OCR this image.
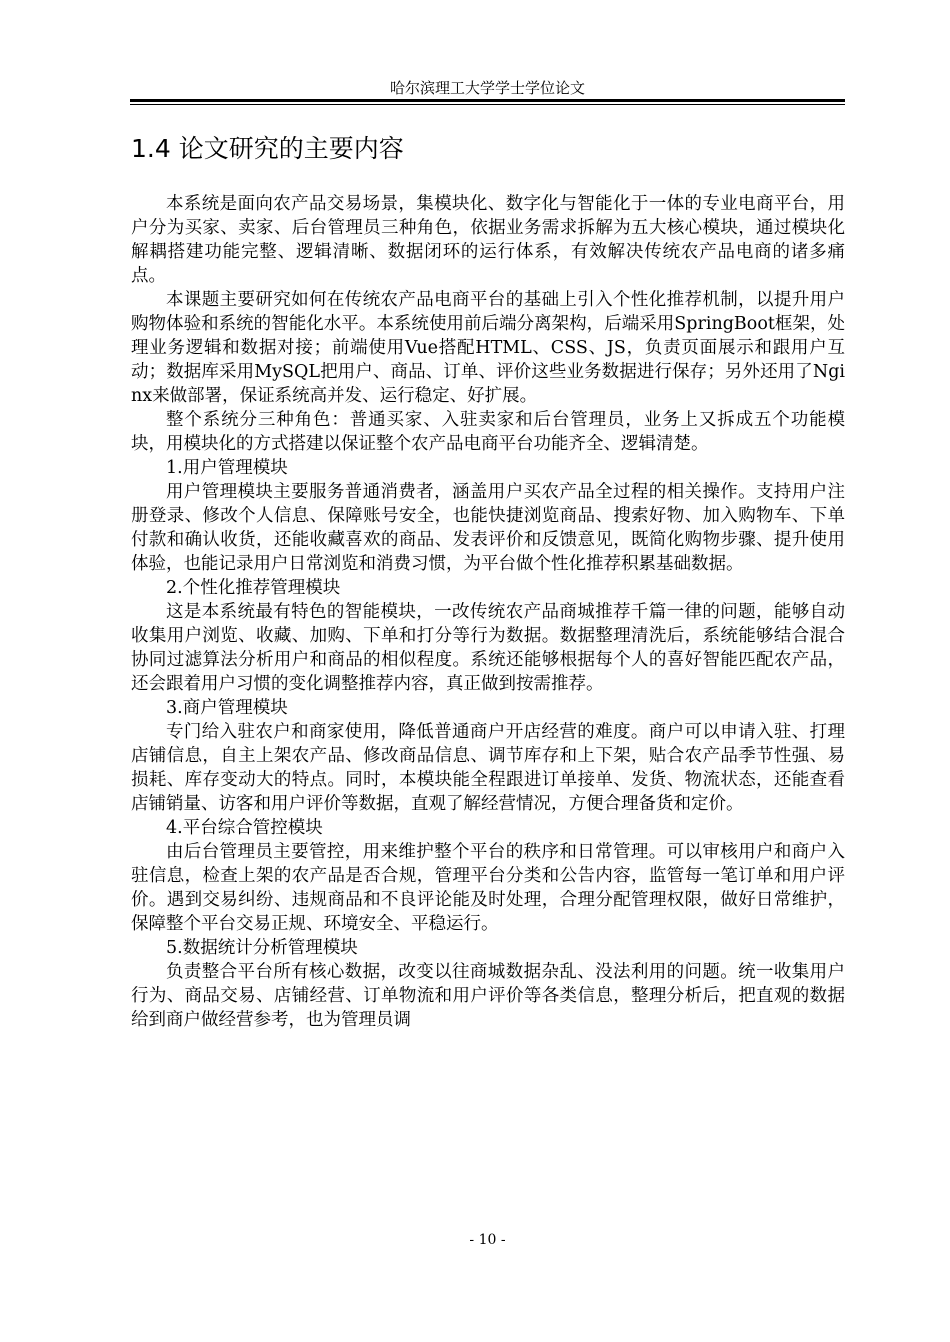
哈尔滨理工大学学士学位论文
1.4 论文研究的主要内容

本系统是面向农产品交易场景，集模块化、数字化与智能化于一体的专业电商平台，用户分为买家、卖家、后台管理员三种角色，依据业务需求拆解为五大核心模块，通过模块化解耦搭建功能完整、逻辑清晰、数据闭环的运行体系，有效解决传统农产品电商的诸多痛点。

本课题主要研究如何在传统农产品电商平台的基础上引入个性化推荐机制，以提升用户购物体验和系统的智能化水平。本系统使用前后端分离架构，后端采用SpringBoot框架，处理业务逻辑和数据对接；前端使用Vue搭配HTML、CSS、JS，负责页面展示和跟用户互动；数据库采用MySQL把用户、商品、订单、评价这些业务数据进行保存；另外还用了Nginx来做部署，保证系统高并发、运行稳定、好扩展。

整个系统分三种角色：普通买家、入驻卖家和后台管理员，业务上又拆成五个功能模块，用模块化的方式搭建以保证整个农产品电商平台功能齐全、逻辑清楚。

1.用户管理模块

用户管理模块主要服务普通消费者，涵盖用户买农产品全过程的相关操作。支持用户注册登录、修改个人信息、保障账号安全，也能快捷浏览商品、搜索好物、加入购物车、下单付款和确认收货，还能收藏喜欢的商品、发表评价和反馈意见，既简化购物步骤、提升使用体验，也能记录用户日常浏览和消费习惯，为平台做个性化推荐积累基础数据。

2.个性化推荐管理模块

这是本系统最有特色的智能模块，一改传统农产品商城推荐千篇一律的问题，能够自动收集用户浏览、收藏、加购、下单和打分等行为数据。数据整理清洗后，系统能够结合混合协同过滤算法分析用户和商品的相似程度。系统还能够根据每个人的喜好智能匹配农产品，还会跟着用户习惯的变化调整推荐内容，真正做到按需推荐。

3.商户管理模块

专门给入驻农户和商家使用，降低普通商户开店经营的难度。商户可以申请入驻、打理店铺信息，自主上架农产品、修改商品信息、调节库存和上下架，贴合农产品季节性强、易损耗、库存变动大的特点。同时，本模块能全程跟进订单接单、发货、物流状态，还能查看店铺销量、访客和用户评价等数据，直观了解经营情况，方便合理备货和定价。

4.平台综合管控模块

由后台管理员主要管控，用来维护整个平台的秩序和日常管理。可以审核用户和商户入驻信息，检查上架的农产品是否合规，管理平台分类和公告内容，监管每一笔订单和用户评价。遇到交易纠纷、违规商品和不良评论能及时处理，合理分配管理权限，做好日常维护，保障整个平台交易正规、环境安全、平稳运行。

5.数据统计分析管理模块

负责整合平台所有核心数据，改变以往商城数据杂乱、没法利用的问题。统一收集用户行为、商品交易、店铺经营、订单物流和用户评价等各类信息，整理分析后，把直观的数据给到商户做经营参考，也为管理员调

- 10 -
